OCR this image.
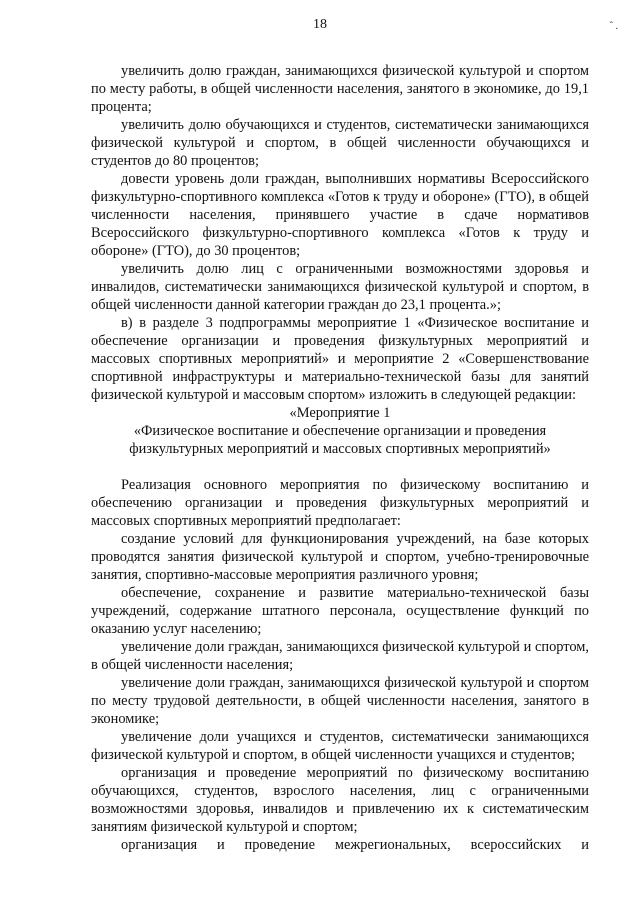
18	ˆ .

увеличить долю граждан, занимающихся физической культурой и спортом по месту работы, в общей численности населения, занятого в экономике, до 19,1 процента;

увеличить долю обучающихся и студентов, систематически занимающихся физической культурой и спортом, в общей численности обучающихся и студентов до 80 процентов;

довести уровень доли граждан, выполнивших нормативы Всероссийского физкультурно-спортивного комплекса «Готов к труду и обороне» (ГТО), в общей численности населения, принявшего участие в сдаче нормативов Всероссийского физкультурно-спортивного комплекса «Готов к труду и обороне» (ГТО), до 30 процентов;

увеличить долю лиц с ограниченными возможностями здоровья и инвалидов, систематически занимающихся физической культурой и спортом, в общей численности данной категории граждан до 23,1 процента.»;

в) в разделе 3 подпрограммы мероприятие 1 «Физическое воспитание и обеспечение организации и проведения физкультурных мероприятий и массовых спортивных мероприятий» и мероприятие 2 «Совершенствование спортивной инфраструктуры и материально-технической базы для занятий физической культурой и массовым спортом» изложить в следующей редакции:

«Мероприятие 1

«Физическое воспитание и обеспечение организации и проведения физкультурных мероприятий и массовых спортивных мероприятий»

Реализация основного мероприятия по физическому воспитанию и обеспечению организации и проведения физкультурных мероприятий и массовых спортивных мероприятий предполагает:

создание условий для функционирования учреждений, на базе которых проводятся занятия физической культурой и спортом, учебно-тренировочные занятия, спортивно-массовые мероприятия различного уровня;

обеспечение, сохранение и развитие материально-технической базы учреждений, содержание штатного персонала, осуществление функций по оказанию услуг населению;

увеличение доли граждан, занимающихся физической культурой и спортом, в общей численности населения;

увеличение доли граждан, занимающихся физической культурой и спортом по месту трудовой деятельности, в общей численности населения, занятого в экономике;

увеличение доли учащихся и студентов, систематически занимающихся физической культурой и спортом, в общей численности учащихся и студентов;

организация и проведение мероприятий по физическому воспитанию обучающихся, студентов, взрослого населения, лиц с ограниченными возможностями здоровья, инвалидов и привлечению их к систематическим занятиям физической культурой и спортом;

организация и проведение межрегиональных, всероссийских и
